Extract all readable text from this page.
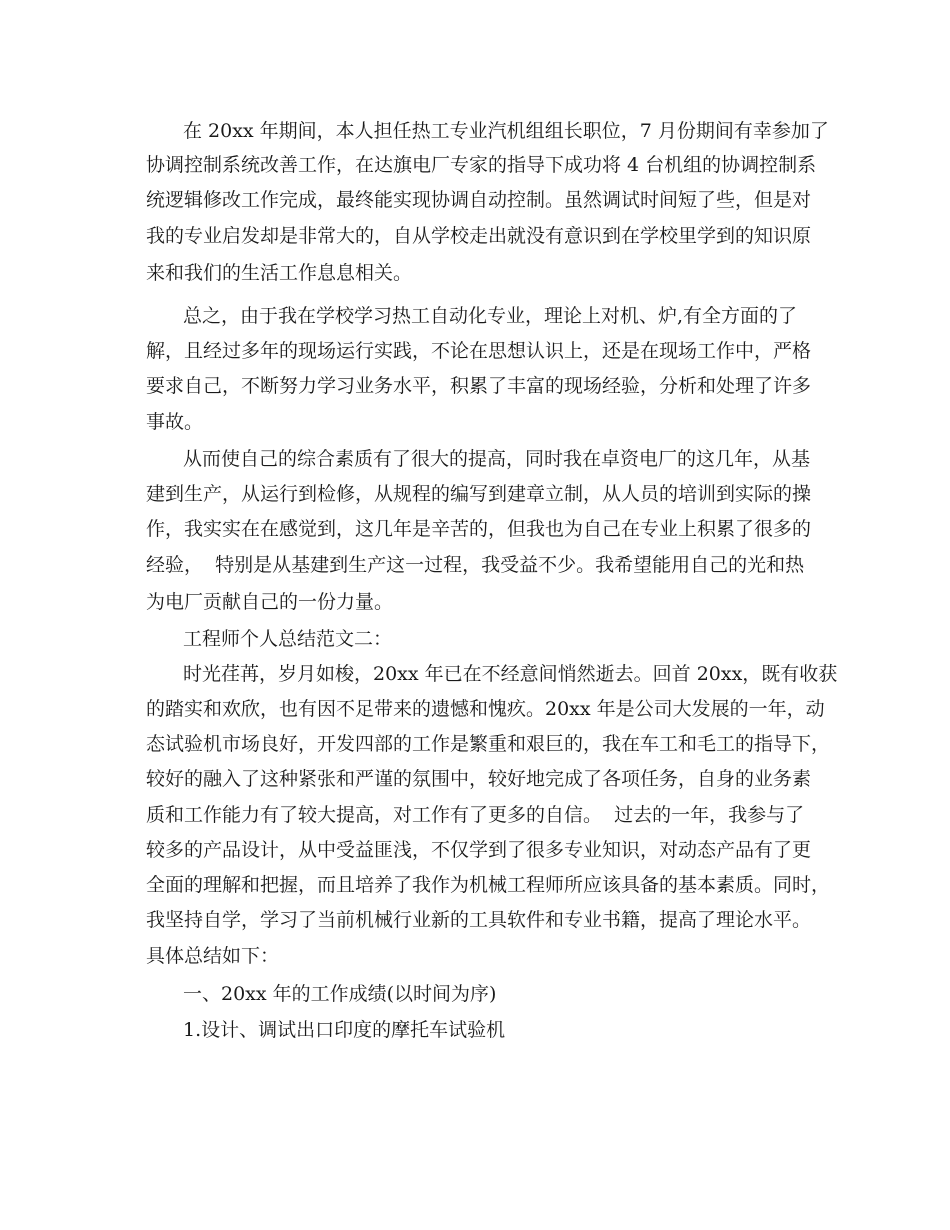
在 20xx 年期间，本人担任热工专业汽机组组长职位，7 月份期间有幸参加了
协调控制系统改善工作，在达旗电厂专家的指导下成功将 4 台机组的协调控制系
统逻辑修改工作完成，最终能实现协调自动控制。虽然调试时间短了些，但是对
我的专业启发却是非常大的，自从学校走出就没有意识到在学校里学到的知识原
来和我们的生活工作息息相关。
总之，由于我在学校学习热工自动化专业，理论上对机、炉,有全方面的了
解，且经过多年的现场运行实践，不论在思想认识上，还是在现场工作中，严格
要求自己，不断努力学习业务水平，积累了丰富的现场经验，分析和处理了许多
事故。
从而使自己的综合素质有了很大的提高，同时我在卓资电厂的这几年，从基
建到生产，从运行到检修，从规程的编写到建章立制，从人员的培训到实际的操
作，我实实在在感觉到，这几年是辛苦的，但我也为自己在专业上积累了很多的
经验，  特别是从基建到生产这一过程，我受益不少。我希望能用自己的光和热
为电厂贡献自己的一份力量。
工程师个人总结范文二：
时光荏苒，岁月如梭，20xx 年已在不经意间悄然逝去。回首 20xx，既有收获
的踏实和欢欣，也有因不足带来的遗憾和愧疚。20xx 年是公司大发展的一年，动
态试验机市场良好，开发四部的工作是繁重和艰巨的，我在车工和毛工的指导下，
较好的融入了这种紧张和严谨的氛围中，较好地完成了各项任务，自身的业务素
质和工作能力有了较大提高，对工作有了更多的自信。  过去的一年，我参与了
较多的产品设计，从中受益匪浅，不仅学到了很多专业知识，对动态产品有了更
全面的理解和把握，而且培养了我作为机械工程师所应该具备的基本素质。同时，
我坚持自学，学习了当前机械行业新的工具软件和专业书籍，提高了理论水平。
具体总结如下：
一、20xx 年的工作成绩(以时间为序)
1.设计、调试出口印度的摩托车试验机
